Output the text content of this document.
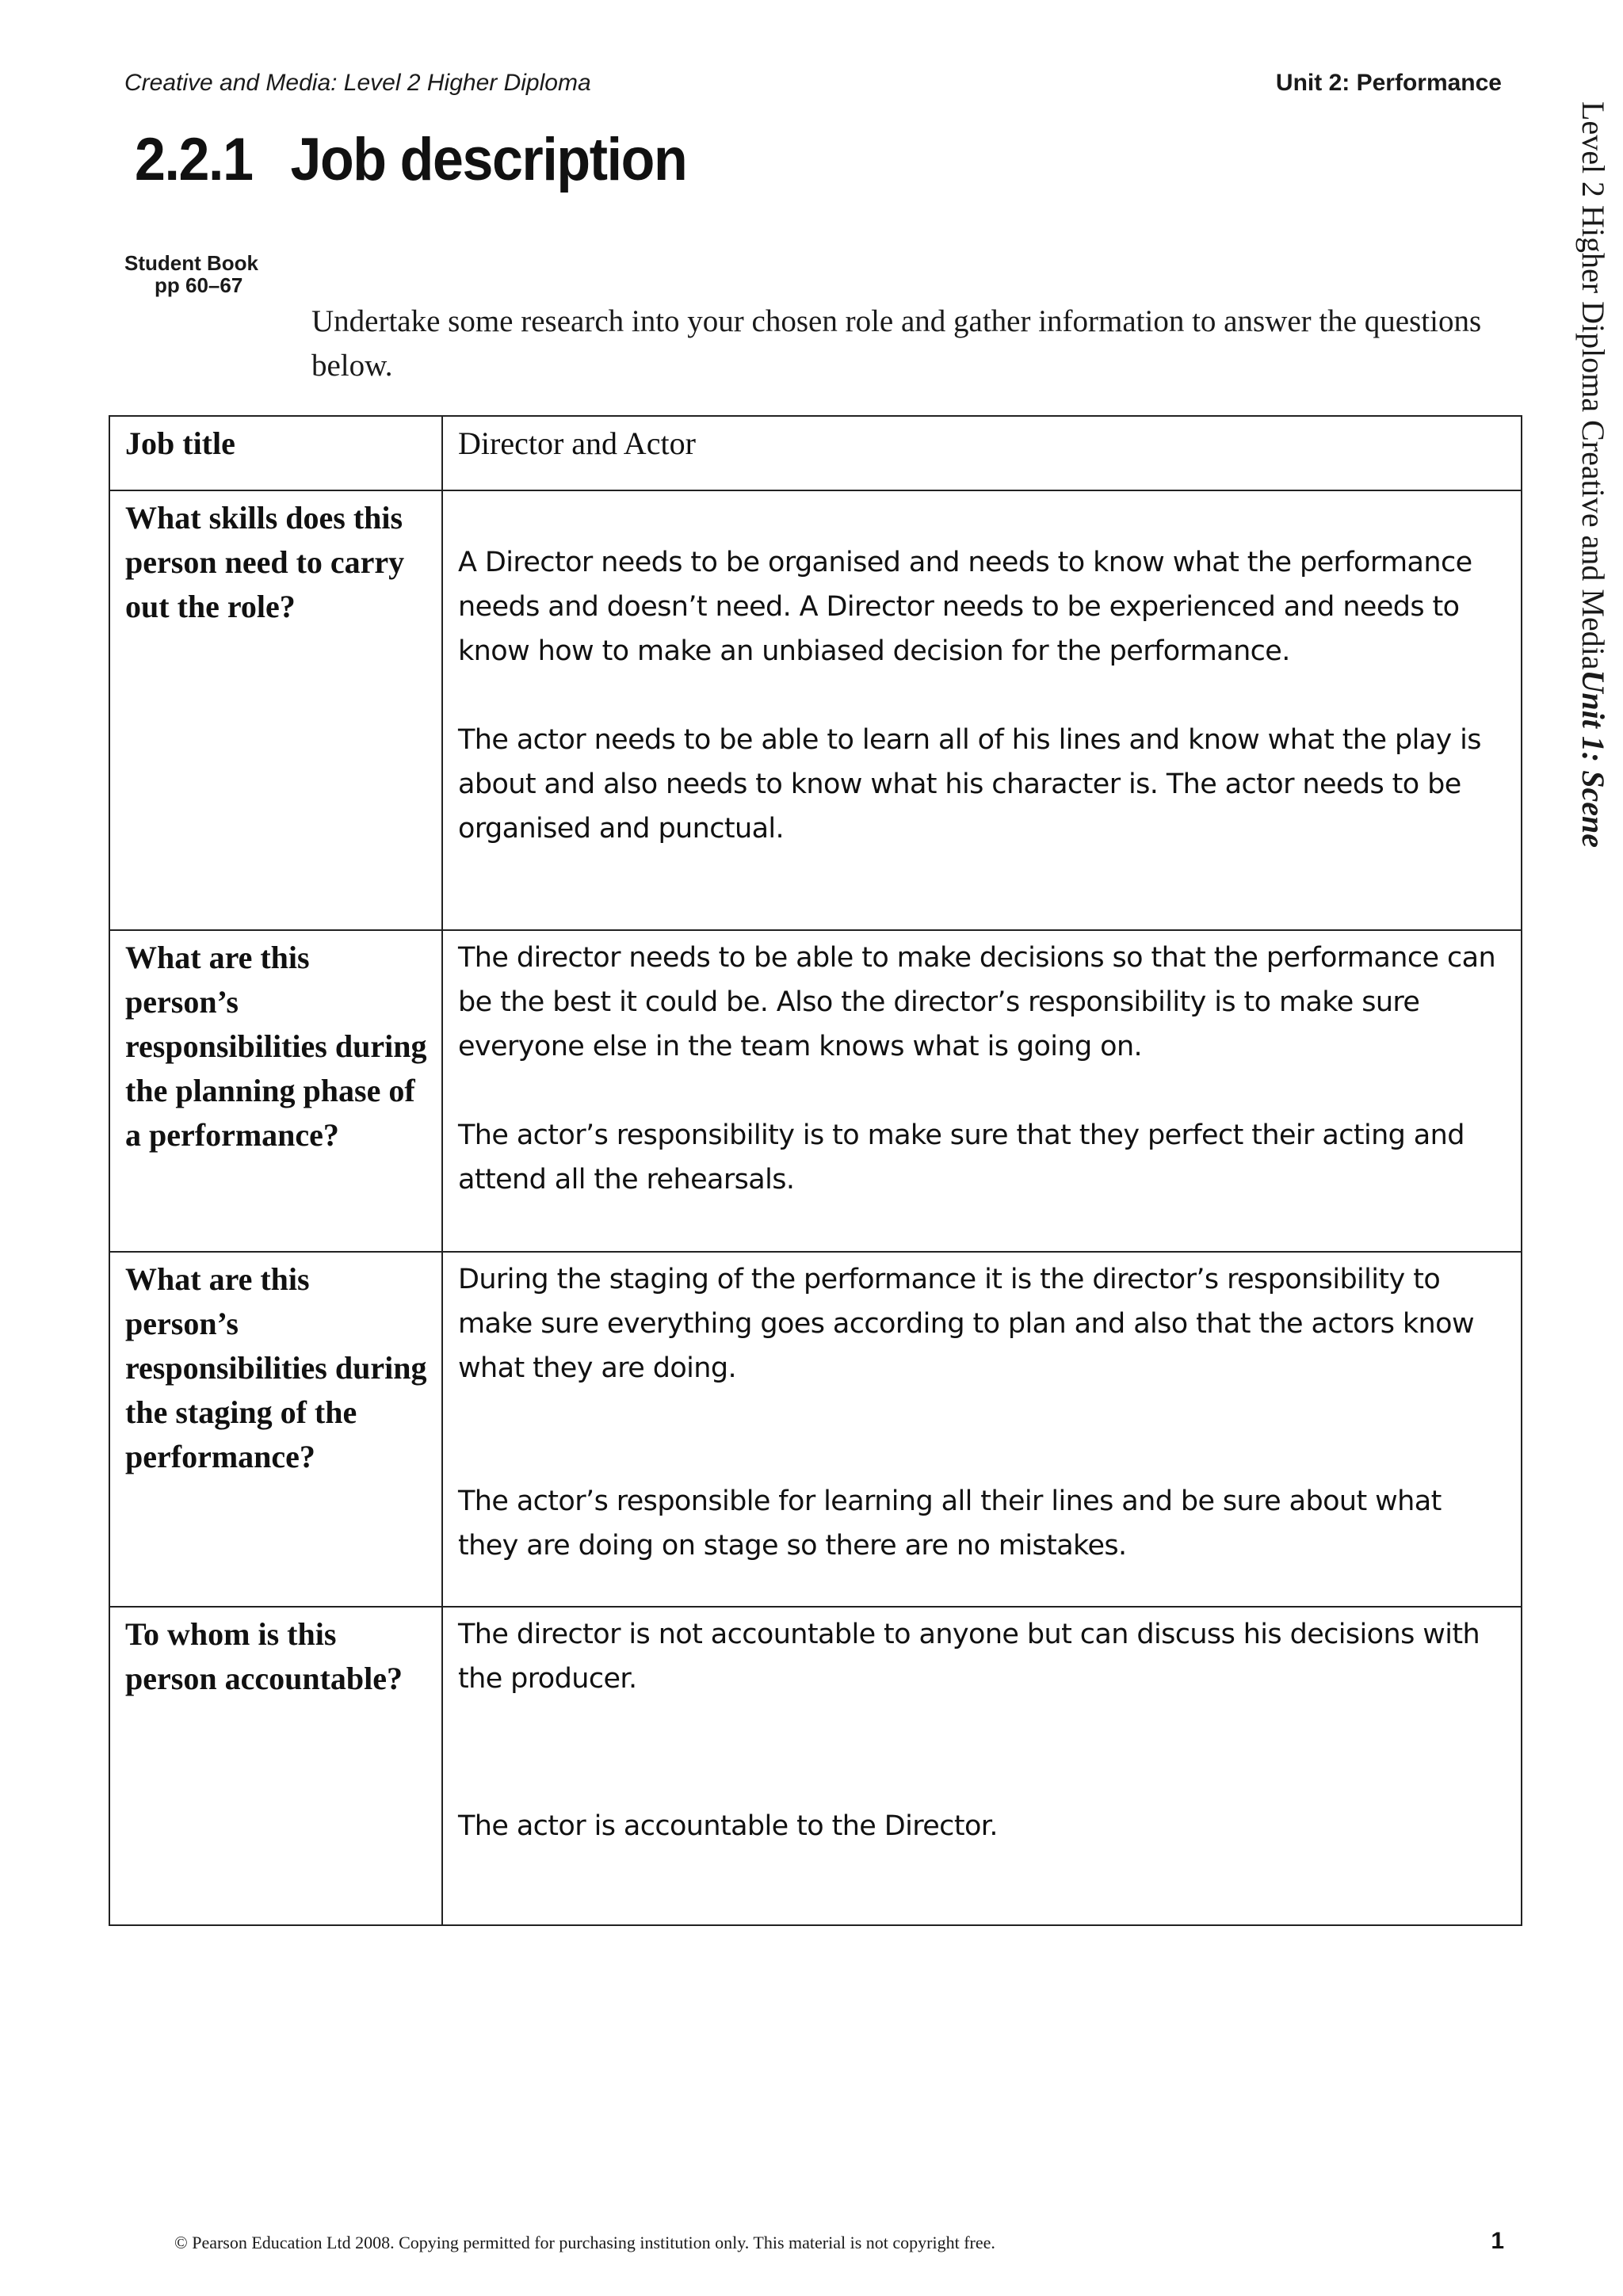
Creative and Media: Level 2 Higher Diploma	Unit 2: Performance
2.2.1 Job description
Student Book
pp 60–67
Undertake some research into your chosen role and gather information to answer the questions below.	Level 2 Higher Diploma Creative and MediaUnit 1: Scene
Job title	Director and Actor

What skills does this person need to carry out the role?	A Director needs to be organised and needs to know what the performance needs and doesn’t need. A Director needs to be experienced and needs to know how to make an unbiased decision for the performance.

The actor needs to be able to learn all of his lines and know what the play is about and also needs to know what his character is. The actor needs to be organised and punctual.

What are this person’s responsibilities during the planning phase of a performance?	The director needs to be able to make decisions so that the performance can be the best it could be. Also the director’s responsibility is to make sure everyone else in the team knows what is going on.

The actor’s responsibility is to make sure that they perfect their acting and attend all the rehearsals.

What are this person’s responsibilities during the staging of the performance?	During the staging of the performance it is the director’s responsibility to make sure everything goes according to plan and also that the actors know what they are doing.

The actor’s responsible for learning all their lines and be sure about what they are doing on stage so there are no mistakes.

To whom is this person accountable?	The director is not accountable to anyone but can discuss his decisions with the producer.

The actor is accountable to the Director.

© Pearson Education Ltd 2008. Copying permitted for purchasing institution only. This material is not copyright free.	1
